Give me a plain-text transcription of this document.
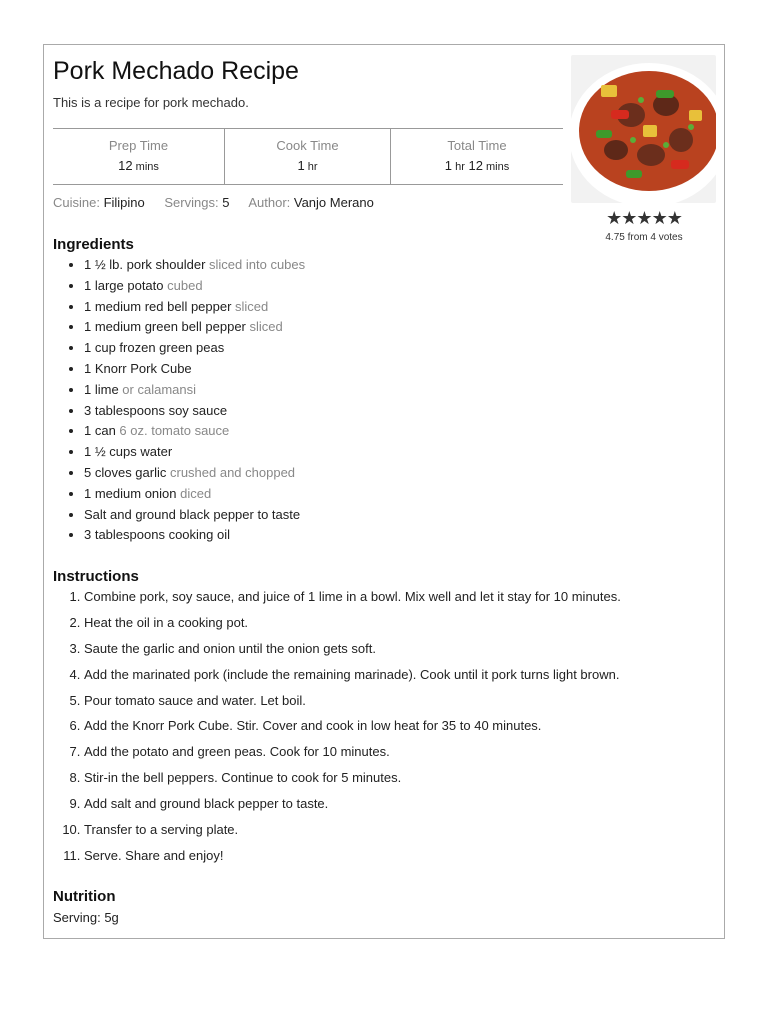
Pork Mechado Recipe

This is a recipe for pork mechado.

Prep Time
12 mins
Cook Time
1 hr
Total Time
1 hr 12 mins
Cuisine: Filipino Servings: 5 Author: Vanjo Merano
★★★★★
4.75 from 4 votes
Ingredients
• 1 ½ lb. pork shoulder sliced into cubes
• 1 large potato cubed
• 1 medium red bell pepper sliced
• 1 medium green bell pepper sliced
• 1 cup frozen green peas
• 1 Knorr Pork Cube
• 1 lime or calamansi
• 3 tablespoons soy sauce
• 1 can 6 oz. tomato sauce
• 1 ½ cups water
• 5 cloves garlic crushed and chopped
• 1 medium onion diced
• Salt and ground black pepper to taste
• 3 tablespoons cooking oil
Instructions
1. Combine pork, soy sauce, and juice of 1 lime in a bowl. Mix well and let it stay for 10 minutes.
2. Heat the oil in a cooking pot.
3. Saute the garlic and onion until the onion gets soft.
4. Add the marinated pork (include the remaining marinade). Cook until it pork turns light brown.
5. Pour tomato sauce and water. Let boil.
6. Add the Knorr Pork Cube. Stir. Cover and cook in low heat for 35 to 40 minutes.
7. Add the potato and green peas. Cook for 10 minutes.
8. Stir-in the bell peppers. Continue to cook for 5 minutes.
9. Add salt and ground black pepper to taste.
10. Transfer to a serving plate.
11. Serve. Share and enjoy!
Nutrition
Serving: 5g
